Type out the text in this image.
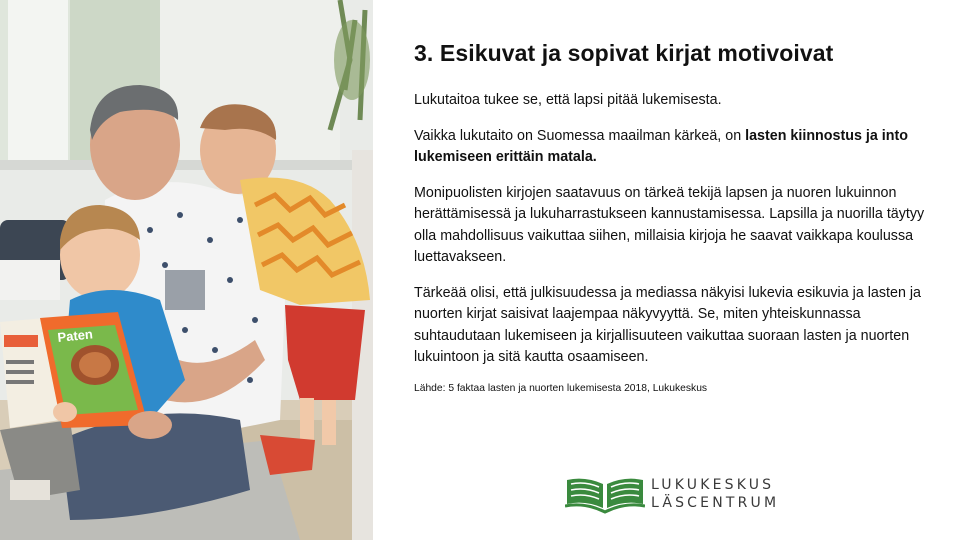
Paten
3. Esikuvat ja sopivat kirjat motivoivat

Lukutaitoa tukee se, että lapsi pitää lukemisesta.

Vaikka lukutaito on Suomessa maailman kärkeä, on lasten kiinnostus ja into lukemiseen erittäin matala.

Monipuolisten kirjojen saatavuus on tärkeä tekijä lapsen ja nuoren lukuinnon herättämisessä ja lukuharrastukseen kannustamisessa. Lapsilla ja nuorilla täytyy olla mahdollisuus vaikuttaa siihen, millaisia kirjoja he saavat vaikkapa koulussa luettavakseen.

Tärkeää olisi, että julkisuudessa ja mediassa näkyisi lukevia esikuvia ja lasten ja nuorten kirjat saisivat laajempaa näkyvyyttä. Se, miten yhteiskunnassa suhtaudutaan lukemiseen ja kirjallisuuteen vaikuttaa suoraan lasten ja nuorten lukuintoon ja sitä kautta osaamiseen.

Lähde: 5 faktaa lasten ja nuorten lukemisesta 2018, Lukukeskus
LUKUKESKUS
LÄSCENTRUM
